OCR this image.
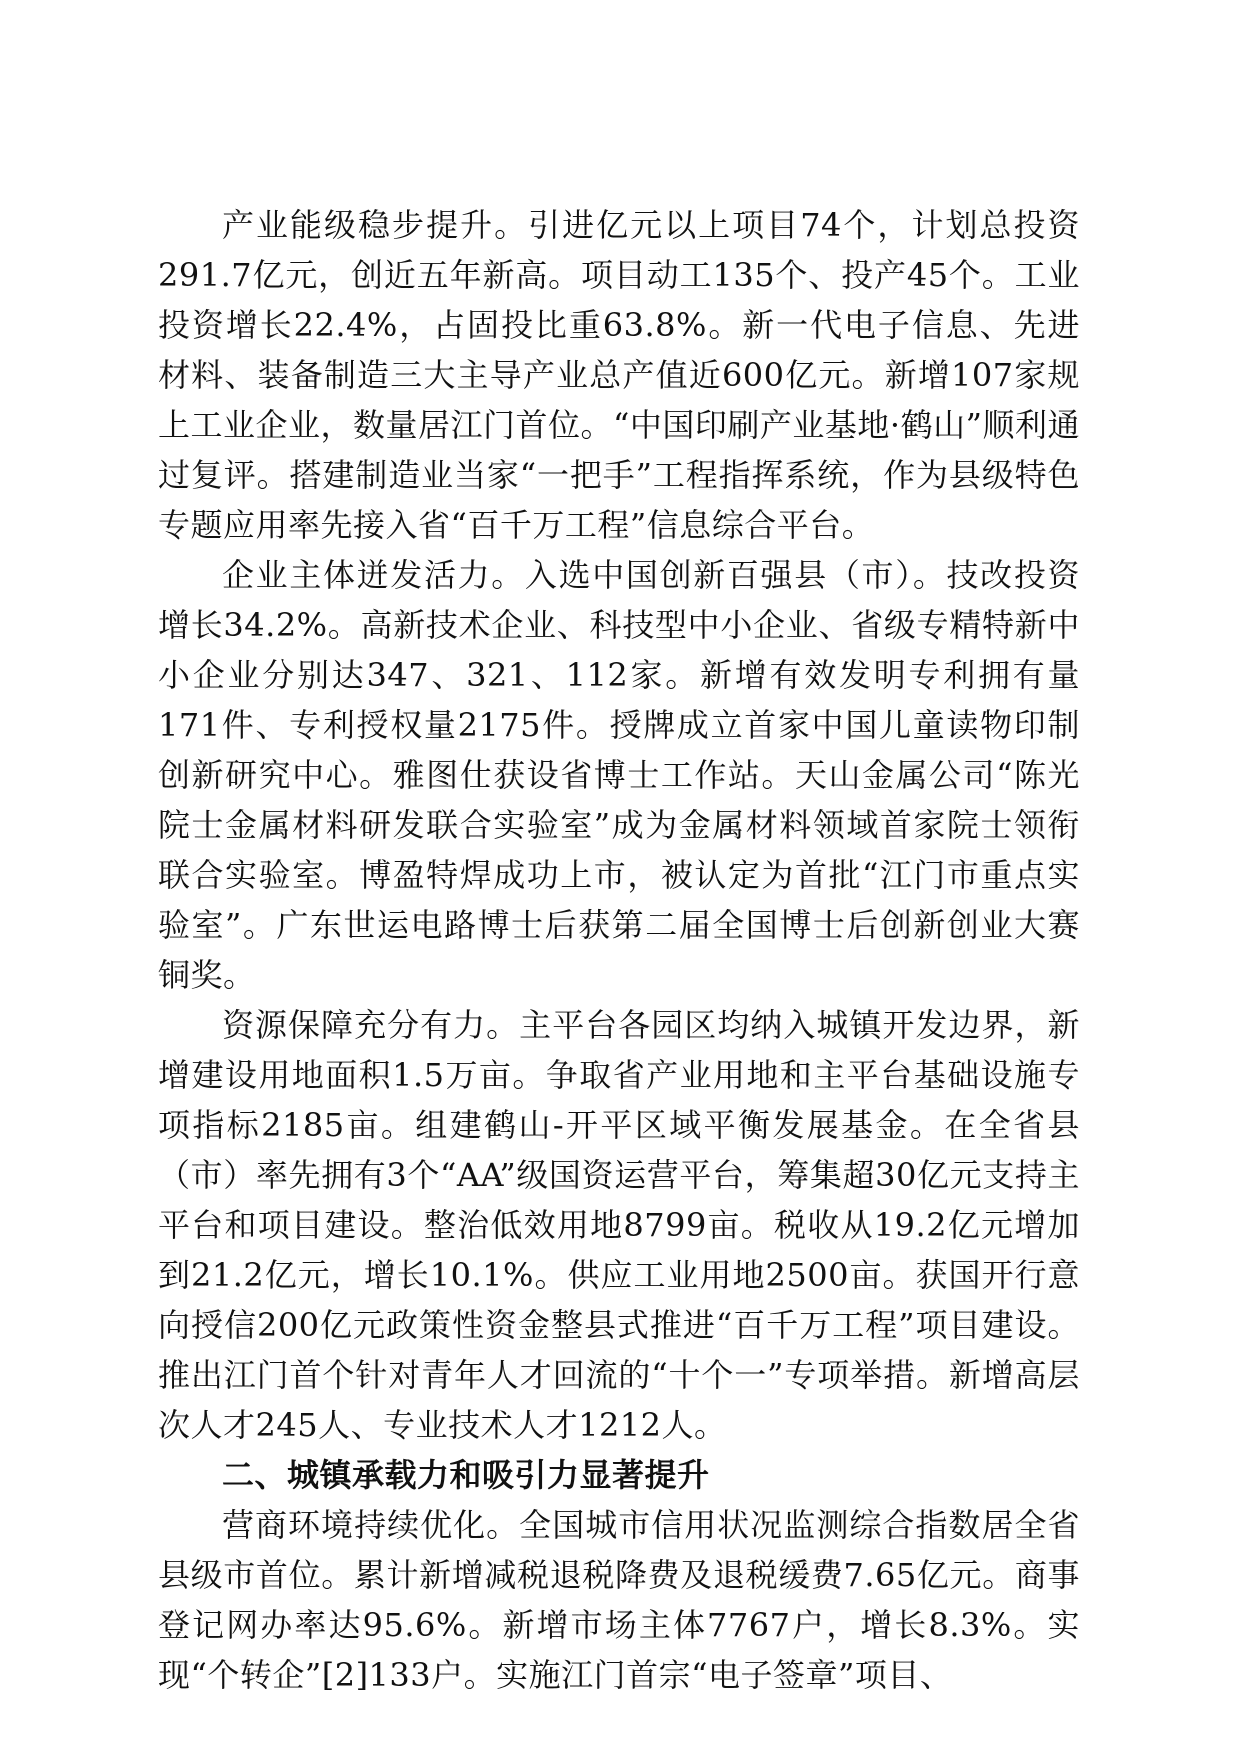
产业能级稳步提升。引进亿元以上项目74个，计划总投资291.7亿元，创近五年新高。项目动工135个、投产45个。工业投资增长22.4%，占固投比重63.8%。新一代电子信息、先进材料、装备制造三大主导产业总产值近600亿元。新增107家规上工业企业，数量居江门首位。“中国印刷产业基地·鹤山”顺利通过复评。搭建制造业当家“一把手”工程指挥系统，作为县级特色专题应用率先接入省“百千万工程”信息综合平台。

企业主体迸发活力。入选中国创新百强县（市）。技改投资增长34.2%。高新技术企业、科技型中小企业、省级专精特新中小企业分别达347、321、112家。新增有效发明专利拥有量171件、专利授权量2175件。授牌成立首家中国儿童读物印制创新研究中心。雅图仕获设省博士工作站。天山金属公司“陈光院士金属材料研发联合实验室”成为金属材料领域首家院士领衔联合实验室。博盈特焊成功上市，被认定为首批“江门市重点实验室”。广东世运电路博士后获第二届全国博士后创新创业大赛铜奖。

资源保障充分有力。主平台各园区均纳入城镇开发边界，新增建设用地面积1.5万亩。争取省产业用地和主平台基础设施专项指标2185亩。组建鹤山-开平区域平衡发展基金。在全省县（市）率先拥有3个“AA”级国资运营平台，筹集超30亿元支持主平台和项目建设。整治低效用地8799亩。税收从19.2亿元增加到21.2亿元，增长10.1%。供应工业用地2500亩。获国开行意向授信200亿元政策性资金整县式推进“百千万工程”项目建设。推出江门首个针对青年人才回流的“十个一”专项举措。新增高层次人才245人、专业技术人才1212人。

二、城镇承载力和吸引力显著提升

营商环境持续优化。全国城市信用状况监测综合指数居全省县级市首位。累计新增减税退税降费及退税缓费7.65亿元。商事登记网办率达95.6%。新增市场主体7767户，增长8.3%。实现“个转企”[2]133户。实施江门首宗“电子签章”项目、
